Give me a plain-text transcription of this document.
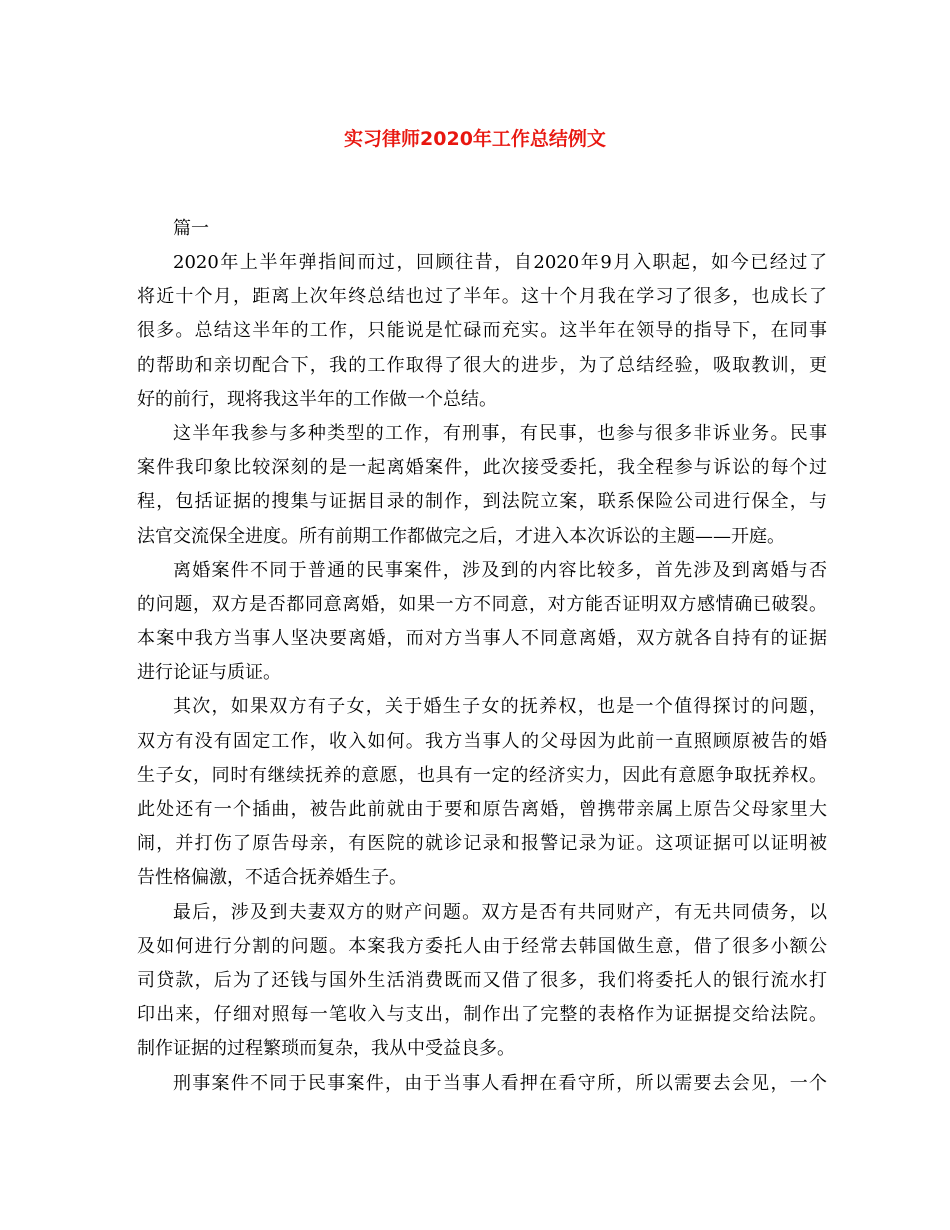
实习律师2020年工作总结例文
篇一
2020年上半年弹指间而过，回顾往昔，自2020年9月入职起，如今已经过了
将近十个月，距离上次年终总结也过了半年。这十个月我在学习了很多，也成长了
很多。总结这半年的工作，只能说是忙碌而充实。这半年在领导的指导下，在同事
的帮助和亲切配合下，我的工作取得了很大的进步，为了总结经验，吸取教训，更
好的前行，现将我这半年的工作做一个总结。
这半年我参与多种类型的工作，有刑事，有民事，也参与很多非诉业务。民事
案件我印象比较深刻的是一起离婚案件，此次接受委托，我全程参与诉讼的每个过
程，包括证据的搜集与证据目录的制作，到法院立案，联系保险公司进行保全，与
法官交流保全进度。所有前期工作都做完之后，才进入本次诉讼的主题——开庭。
离婚案件不同于普通的民事案件，涉及到的内容比较多，首先涉及到离婚与否
的问题，双方是否都同意离婚，如果一方不同意，对方能否证明双方感情确已破裂。
本案中我方当事人坚决要离婚，而对方当事人不同意离婚，双方就各自持有的证据
进行论证与质证。
其次，如果双方有子女，关于婚生子女的抚养权，也是一个值得探讨的问题，
双方有没有固定工作，收入如何。我方当事人的父母因为此前一直照顾原被告的婚
生子女，同时有继续抚养的意愿，也具有一定的经济实力，因此有意愿争取抚养权。
此处还有一个插曲，被告此前就由于要和原告离婚，曾携带亲属上原告父母家里大
闹，并打伤了原告母亲，有医院的就诊记录和报警记录为证。这项证据可以证明被
告性格偏激，不适合抚养婚生子。
最后，涉及到夫妻双方的财产问题。双方是否有共同财产，有无共同债务，以
及如何进行分割的问题。本案我方委托人由于经常去韩国做生意，借了很多小额公
司贷款，后为了还钱与国外生活消费既而又借了很多，我们将委托人的银行流水打
印出来，仔细对照每一笔收入与支出，制作出了完整的表格作为证据提交给法院。
制作证据的过程繁琐而复杂，我从中受益良多。
刑事案件不同于民事案件，由于当事人看押在看守所，所以需要去会见，一个
